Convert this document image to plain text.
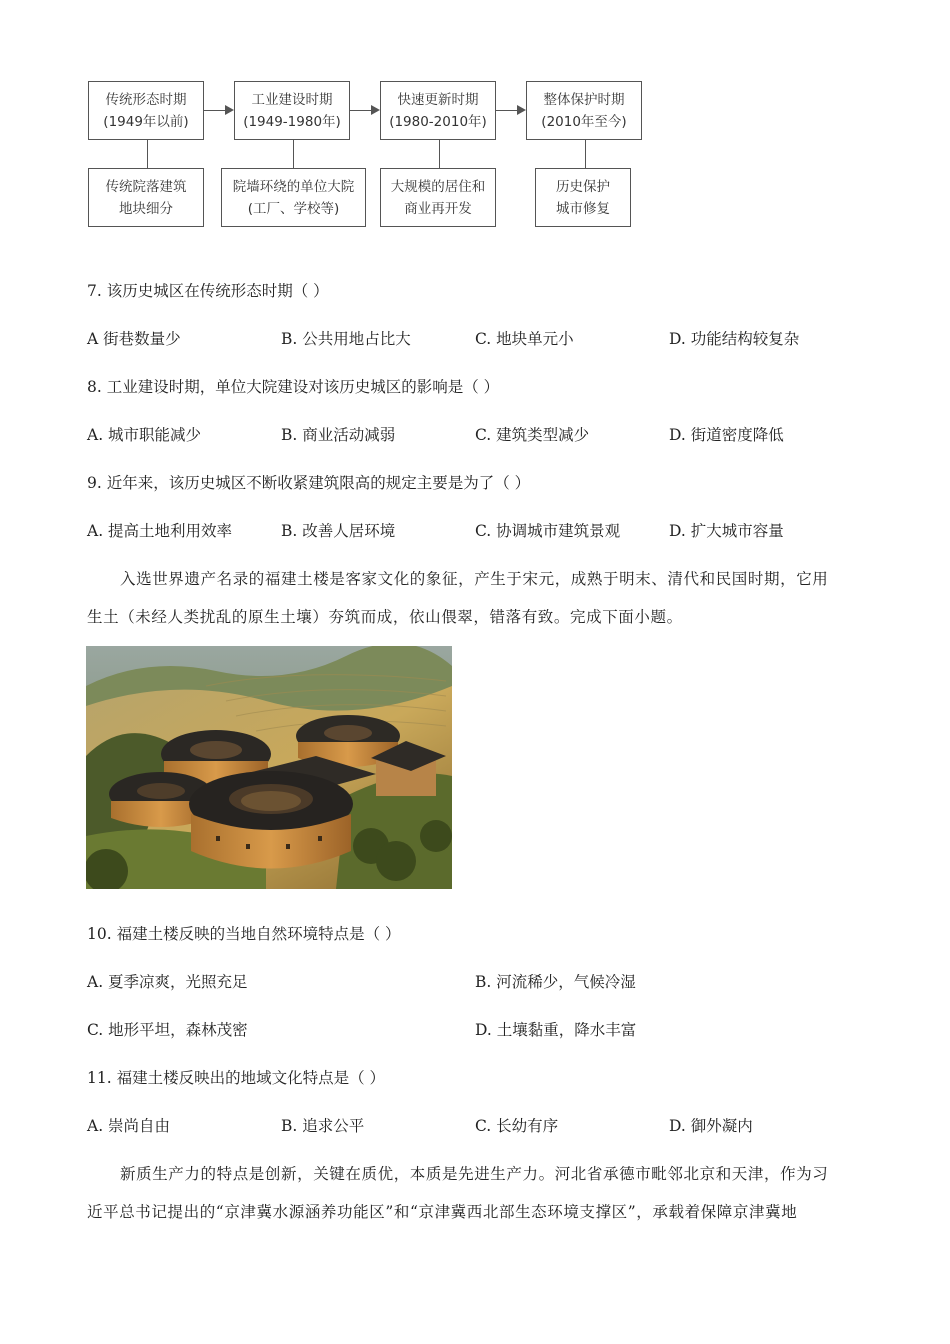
传统形态时期
(1949年以前)
工业建设时期
(1949-1980年)
快速更新时期
(1980-2010年)
整体保护时期
(2010年至今)
传统院落建筑
地块细分
院墙环绕的单位大院
(工厂、学校等)
大规模的居住和
商业再开发
历史保护
城市修复
7. 该历史城区在传统形态时期（ ）
A 街巷数量少	B. 公共用地占比大	C. 地块单元小	D. 功能结构较复杂
8. 工业建设时期，单位大院建设对该历史城区的影响是（ ）
A. 城市职能减少	B. 商业活动减弱	C. 建筑类型减少	D. 街道密度降低
9. 近年来，该历史城区不断收紧建筑限高的规定主要是为了（ ）
A. 提高土地利用效率	B. 改善人居环境	C. 协调城市建筑景观	D. 扩大城市容量
入选世界遗产名录的福建土楼是客家文化的象征，产生于宋元，成熟于明末、清代和民国时期，它用
生土（未经人类扰乱的原生土壤）夯筑而成，依山偎翠，错落有致。完成下面小题。
10. 福建土楼反映的当地自然环境特点是（ ）
A. 夏季凉爽，光照充足	B. 河流稀少，气候冷湿
C. 地形平坦，森林茂密	D. 土壤黏重，降水丰富
11. 福建土楼反映出的地域文化特点是（ ）
A. 崇尚自由	B. 追求公平	C. 长幼有序	D. 御外凝内
新质生产力的特点是创新，关键在质优，本质是先进生产力。河北省承德市毗邻北京和天津，作为习
近平总书记提出的“京津冀水源涵养功能区”和“京津冀西北部生态环境支撑区”，承载着保障京津冀地
